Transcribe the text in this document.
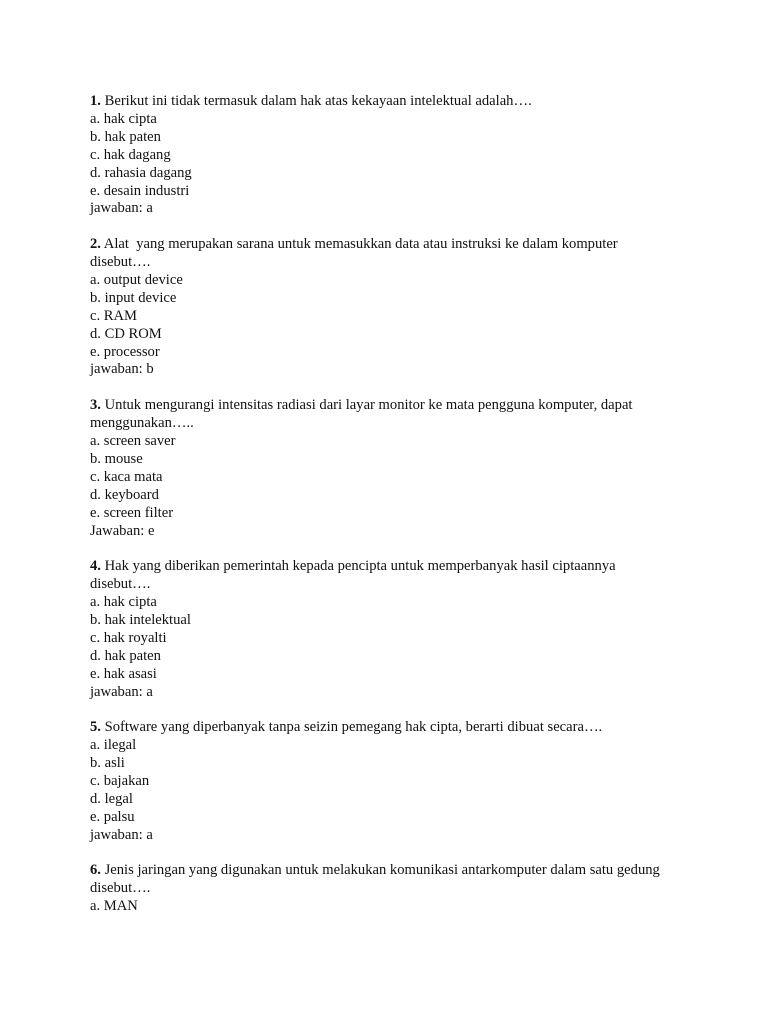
1. Berikut ini tidak termasuk dalam hak atas kekayaan intelektual adalah….
a. hak cipta
b. hak paten
c. hak dagang
d. rahasia dagang
e. desain industri
jawaban: a
2. Alat  yang merupakan sarana untuk memasukkan data atau instruksi ke dalam komputer disebut….
a. output device
b. input device
c. RAM
d. CD ROM
e. processor
jawaban: b
3. Untuk mengurangi intensitas radiasi dari layar monitor ke mata pengguna komputer, dapat menggunakan…..
a. screen saver
b. mouse
c. kaca mata
d. keyboard
e. screen filter
Jawaban: e
4. Hak yang diberikan pemerintah kepada pencipta untuk memperbanyak hasil ciptaannya disebut….
a. hak cipta
b. hak intelektual
c. hak royalti
d. hak paten
e. hak asasi
jawaban: a
5. Software yang diperbanyak tanpa seizin pemegang hak cipta, berarti dibuat secara….
a. ilegal
b. asli
c. bajakan
d. legal
e. palsu
jawaban: a
6. Jenis jaringan yang digunakan untuk melakukan komunikasi antarkomputer dalam satu gedung disebut….
a. MAN
